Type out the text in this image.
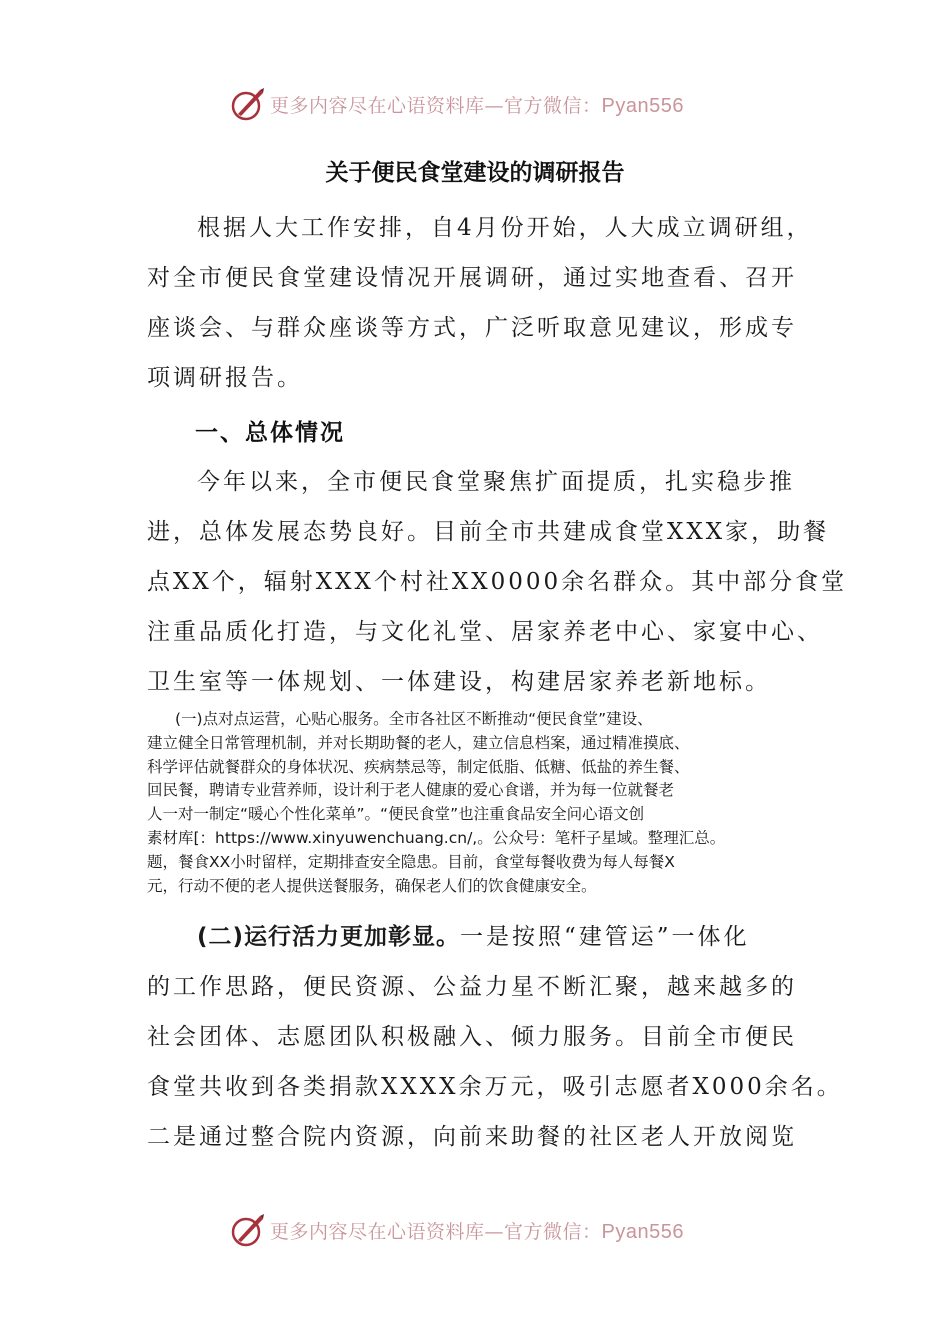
更多内容尽在心语资料库—官方微信：Pyan556
关于便民食堂建设的调研报告
根据人大工作安排，自4月份开始，人大成立调研组，
对全市便民食堂建设情况开展调研，通过实地查看、召开
座谈会、与群众座谈等方式，广泛听取意见建议，形成专
项调研报告。
一、总体情况
今年以来，全市便民食堂聚焦扩面提质，扎实稳步推
进，总体发展态势良好。目前全市共建成食堂XXX家，助餐
点XX个，辐射XXX个村社XX0000余名群众。其中部分食堂
注重品质化打造，与文化礼堂、居家养老中心、家宴中心、
卫生室等一体规划、一体建设，构建居家养老新地标。
(一)点对点运营，心贴心服务。全市各社区不断推动“便民食堂”建设、
建立健全日常管理机制，并对长期助餐的老人，建立信息档案，通过精准摸底、
科学评估就餐群众的身体状况、疾病禁忌等，制定低脂、低糖、低盐的养生餐、
回民餐，聘请专业营养师，设计利于老人健康的爱心食谱，并为每一位就餐老
人一对一制定“暖心个性化菜单”。“便民食堂”也注重食品安全问心语文创
素材库[：https://www.xinyuwenchuang.cn/,。公众号：笔杆子星域。整理汇总。
题，餐食XX小时留样，定期排查安全隐患。目前，食堂每餐收费为每人每餐X
元，行动不便的老人提供送餐服务，确保老人们的饮食健康安全。
(二)运行活力更加彰显。一是按照“建管运”一体化
的工作思路，便民资源、公益力星不断汇聚，越来越多的
社会团体、志愿团队积极融入、倾力服务。目前全市便民
食堂共收到各类捐款XXXX余万元，吸引志愿者X000余名。
二是通过整合院内资源，向前来助餐的社区老人开放阅览
更多内容尽在心语资料库—官方微信：Pyan556
